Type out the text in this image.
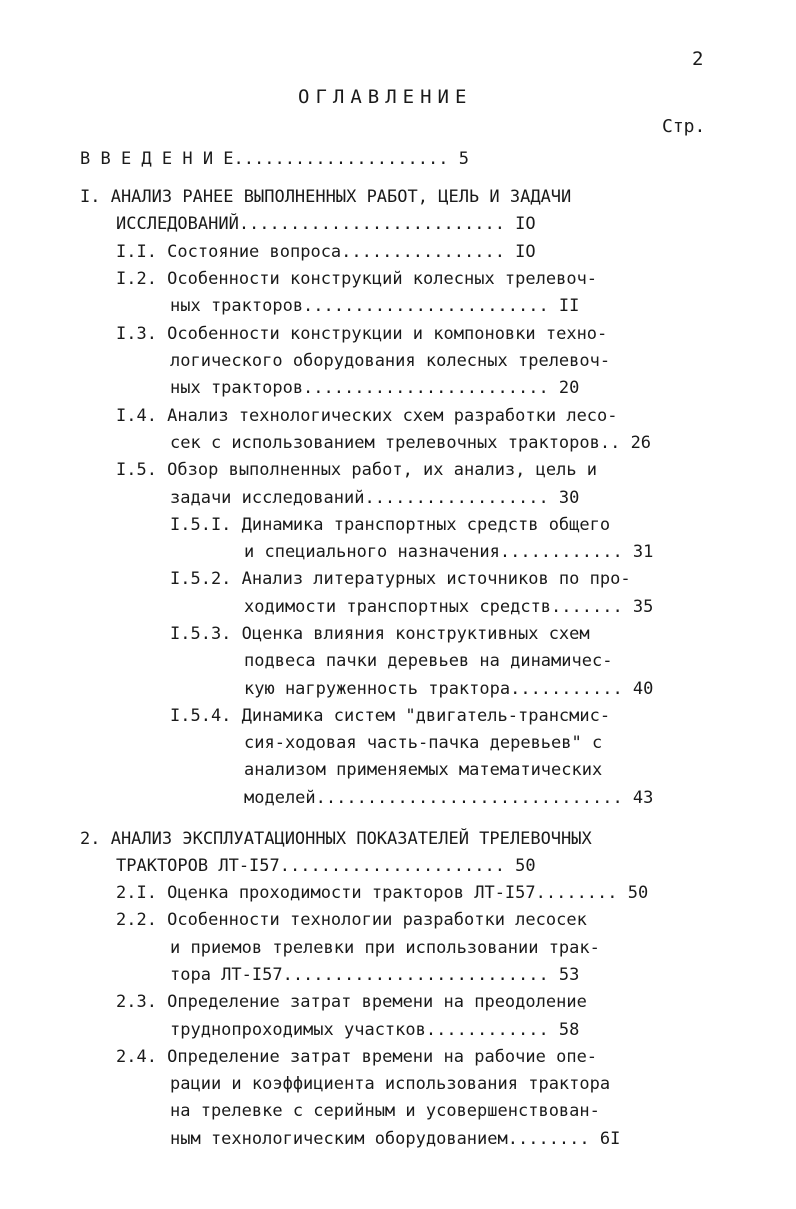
2
ОГЛАВЛЕНИЕ
Стр.
В В Е Д Е Н И Е..................... 5
I. АНАЛИЗ РАНЕЕ ВЫПОЛНЕННЫХ РАБОТ, ЦЕЛЬ И ЗАДАЧИ
ИССЛЕДОВАНИЙ.......................... IO
I.I. Состояние вопроса................ IO
I.2. Особенности конструкций колесных трелевоч-
ных тракторов........................ II
I.3. Особенности конструкции и компоновки техно-
логического оборудования колесных трелевоч-
ных тракторов........................ 20
I.4. Анализ технологических схем разработки лесо-
сек с использованием трелевочных тракторов.. 26
I.5. Обзор выполненных работ, их анализ, цель и
задачи исследований.................. 30
I.5.I. Динамика транспортных средств общего
и специального назначения............ 31
I.5.2. Анализ литературных источников по про-
ходимости транспортных средств....... 35
I.5.3. Оценка влияния конструктивных схем
подвеса пачки деревьев на динамичес-
кую нагруженность трактора........... 40
I.5.4. Динамика систем "двигатель-трансмис-
сия-ходовая часть-пачка деревьев" с
анализом применяемых математических
моделей.............................. 43
2. АНАЛИЗ ЭКСПЛУАТАЦИОННЫХ ПОКАЗАТЕЛЕЙ ТРЕЛЕВОЧНЫХ
ТРАКТОРОВ ЛТ-I57...................... 50
2.I. Оценка проходимости тракторов ЛТ-I57........ 50
2.2. Особенности технологии разработки лесосек
и приемов трелевки при использовании трак-
тора ЛТ-I57.......................... 53
2.3. Определение затрат времени на преодоление
труднопроходимых участков............ 58
2.4. Определение затрат времени на рабочие опе-
рации и коэффициента использования трактора
на трелевке с серийным и усовершенствован-
ным технологическим оборудованием........ 6I
